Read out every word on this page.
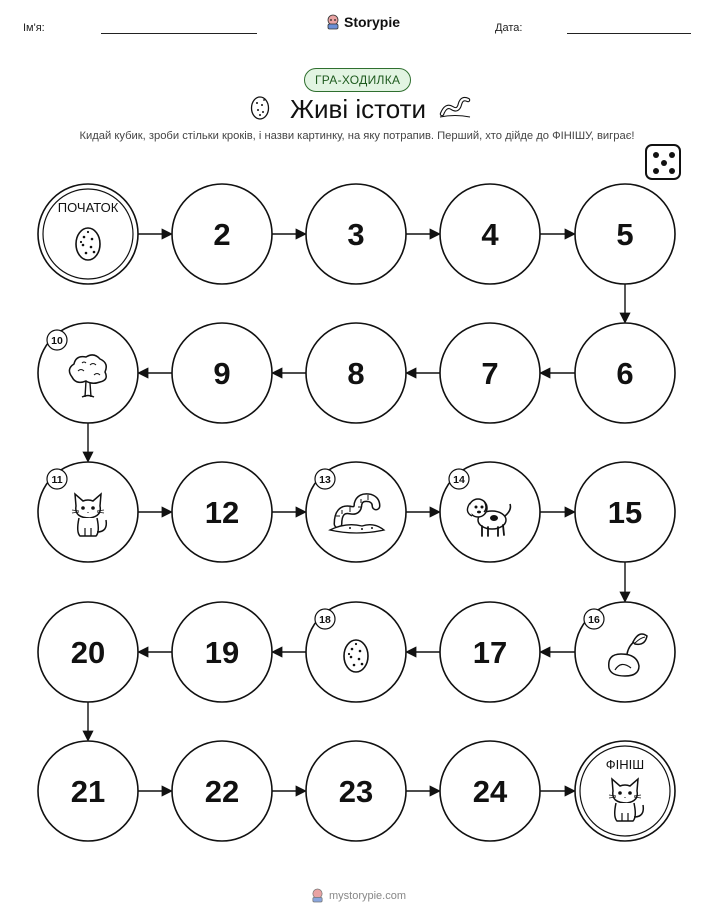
Ім'я:	Storypie	Дата:
ГРА-ХОДИЛКА
Живі істоти
Кидай кубик, зроби стільки кроків, і назви картинку, на яку потрапив. Перший, хто дійде до ФІНІШУ, виграє!
ПОЧАТОК
2	3	4	5
6
7
8
9
10
11
12
13	14
15
16
17
18
19
20
21	22	23	24
ФІНІШ
mystorypie.com
